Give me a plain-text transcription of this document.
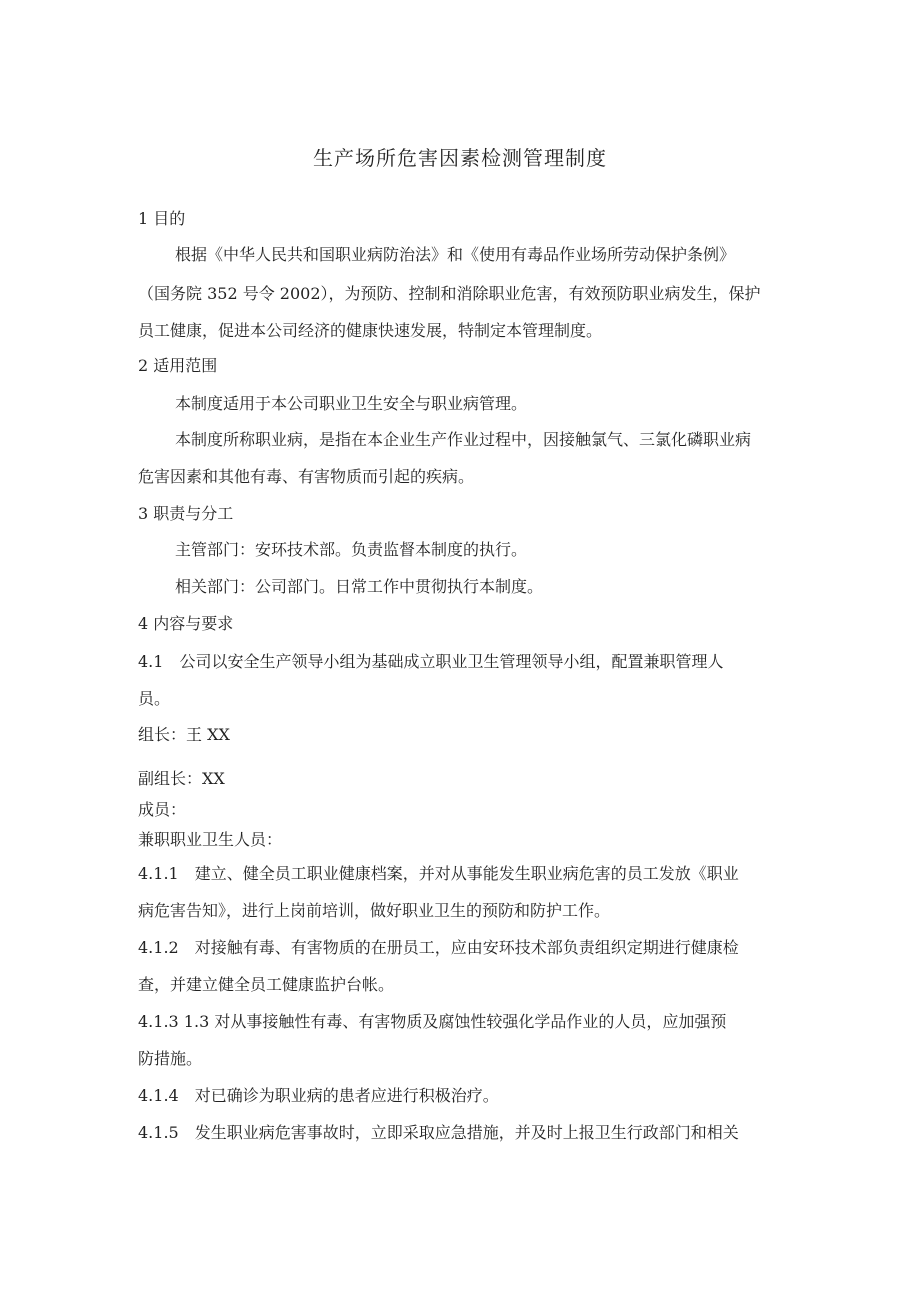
生产场所危害因素检测管理制度
1 目的
根据《中华人民共和国职业病防治法》和《使用有毒品作业场所劳动保护条例》
（国务院 352 号令 2002），为预防、控制和消除职业危害，有效预防职业病发生，保护
员工健康，促进本公司经济的健康快速发展，特制定本管理制度。
2 适用范围
本制度适用于本公司职业卫生安全与职业病管理。
本制度所称职业病，是指在本企业生产作业过程中，因接触氯气、三氯化磷职业病
危害因素和其他有毒、有害物质而引起的疾病。
3 职责与分工
主管部门：安环技术部。负责监督本制度的执行。
相关部门：公司部门。日常工作中贯彻执行本制度。
4 内容与要求
4.1　公司以安全生产领导小组为基础成立职业卫生管理领导小组，配置兼职管理人
员。
组长：王 XX
副组长：XX
成员：
兼职职业卫生人员：
4.1.1　建立、健全员工职业健康档案，并对从事能发生职业病危害的员工发放《职业
病危害告知》，进行上岗前培训，做好职业卫生的预防和防护工作。
4.1.2　对接触有毒、有害物质的在册员工，应由安环技术部负责组织定期进行健康检
查，并建立健全员工健康监护台帐。
4.1.3 1.3 对从事接触性有毒、有害物质及腐蚀性较强化学品作业的人员，应加强预
防措施。
4.1.4　对已确诊为职业病的患者应进行积极治疗。
4.1.5　发生职业病危害事故时，立即采取应急措施，并及时上报卫生行政部门和相关
